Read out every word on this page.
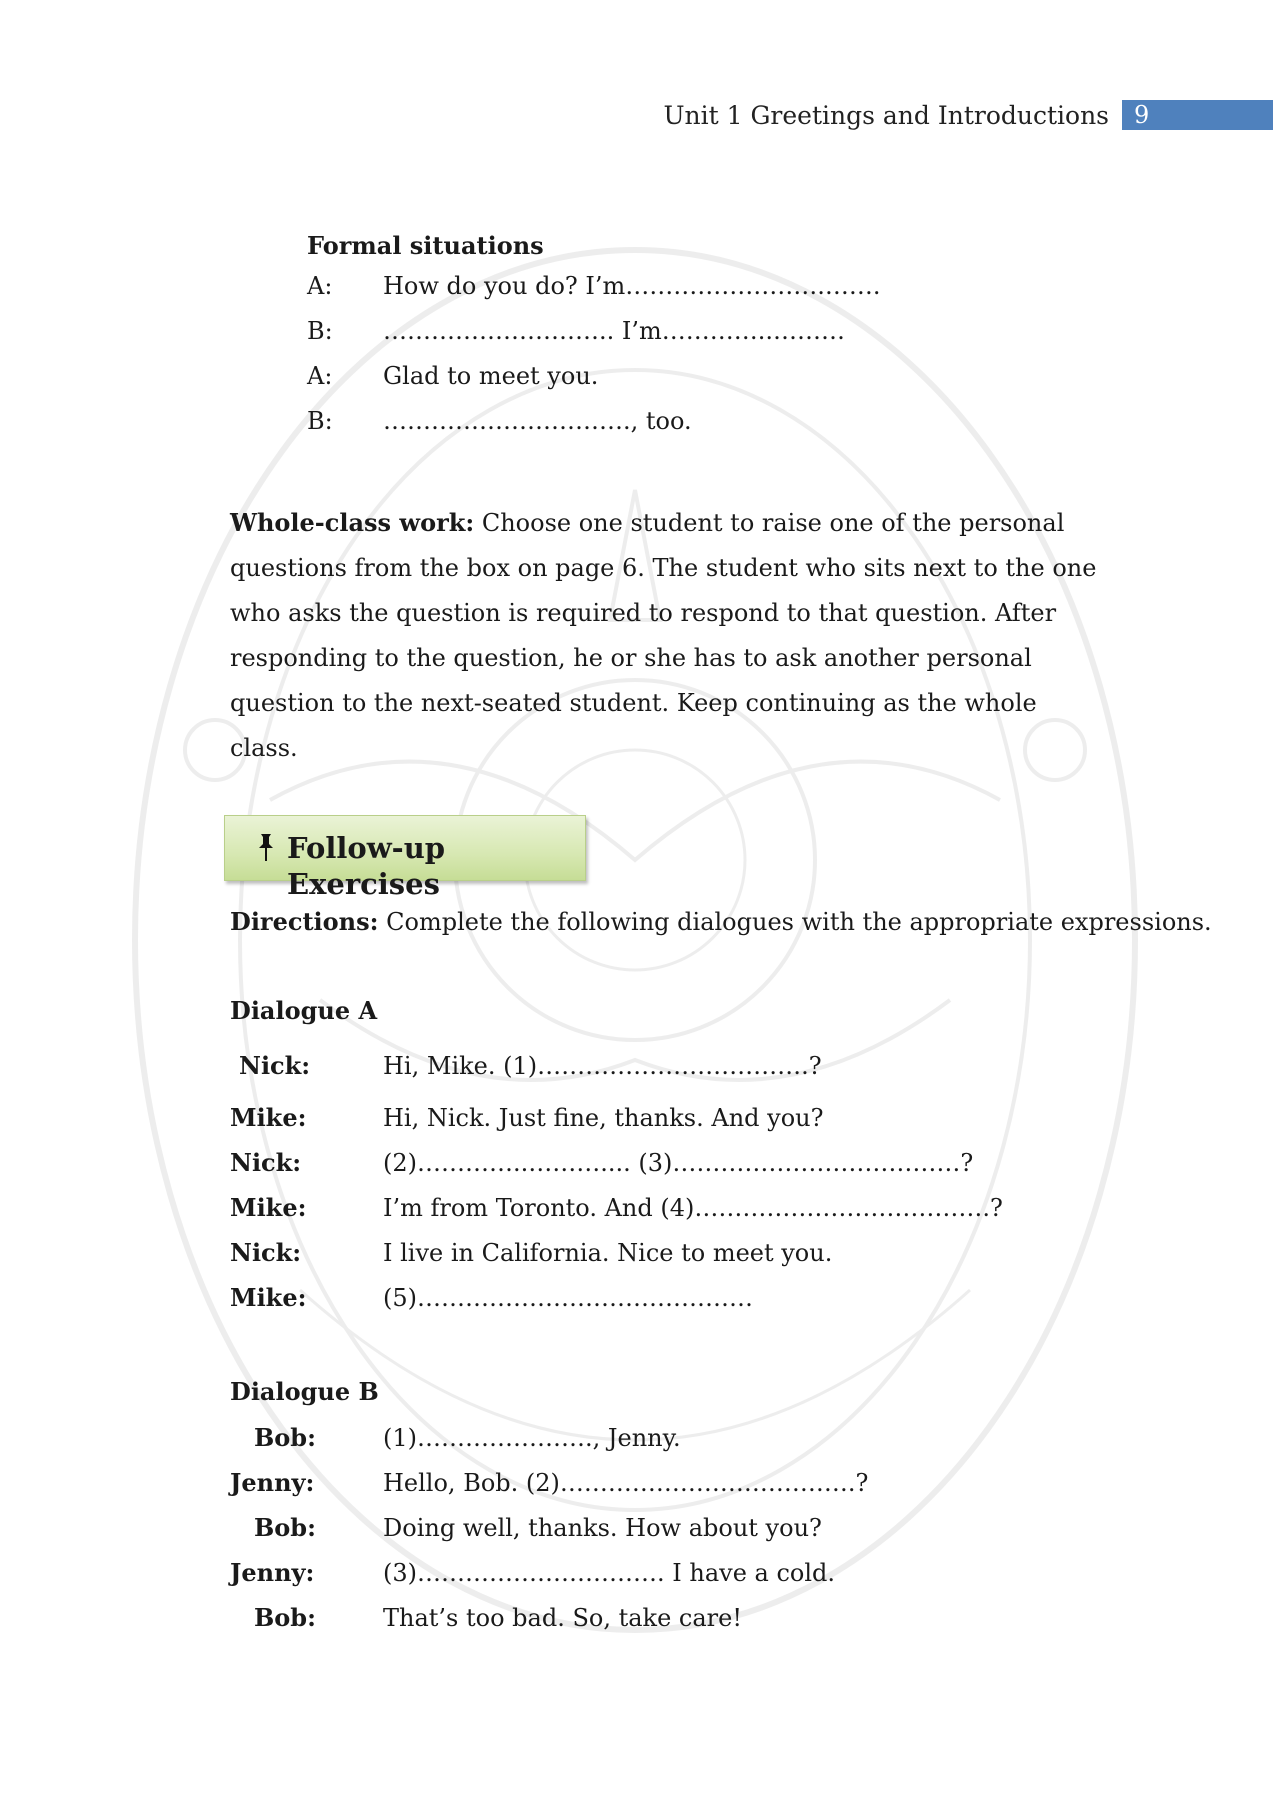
Unit 1 Greetings and Introductions	9
Formal situations
A: How do you do? I’m…………………….…….
B: ……………………….. I’m…………..………
A: Glad to meet you.
B: …………………………., too.

Whole-class work: Choose one student to raise one of the personal questions from the box on page 6. The student who sits next to the one who asks the question is required to respond to that question. After responding to the question, he or she has to ask another personal question to the next-seated student. Keep continuing as the whole class.

Follow-up Exercises
Directions: Complete the following dialogues with the appropriate expressions.
Dialogue A
Nick:	Hi, Mike. (1)…………………………….?
Mike:	Hi, Nick. Just fine, thanks. And you?
Nick:	(2)…………..……….... (3)………………………………?
Mike:	I’m from Toronto. And (4)……………………………….?
Nick:	I live in California. Nice to meet you.
Mike:	(5)……………………………………
Dialogue B
Bob:	(1)…………………., Jenny.
Jenny:	Hello, Bob. (2)……………………………….?
Bob:	Doing well, thanks. How about you?
Jenny:	(3)…………………………. I have a cold.
Bob:	That’s too bad. So, take care!
